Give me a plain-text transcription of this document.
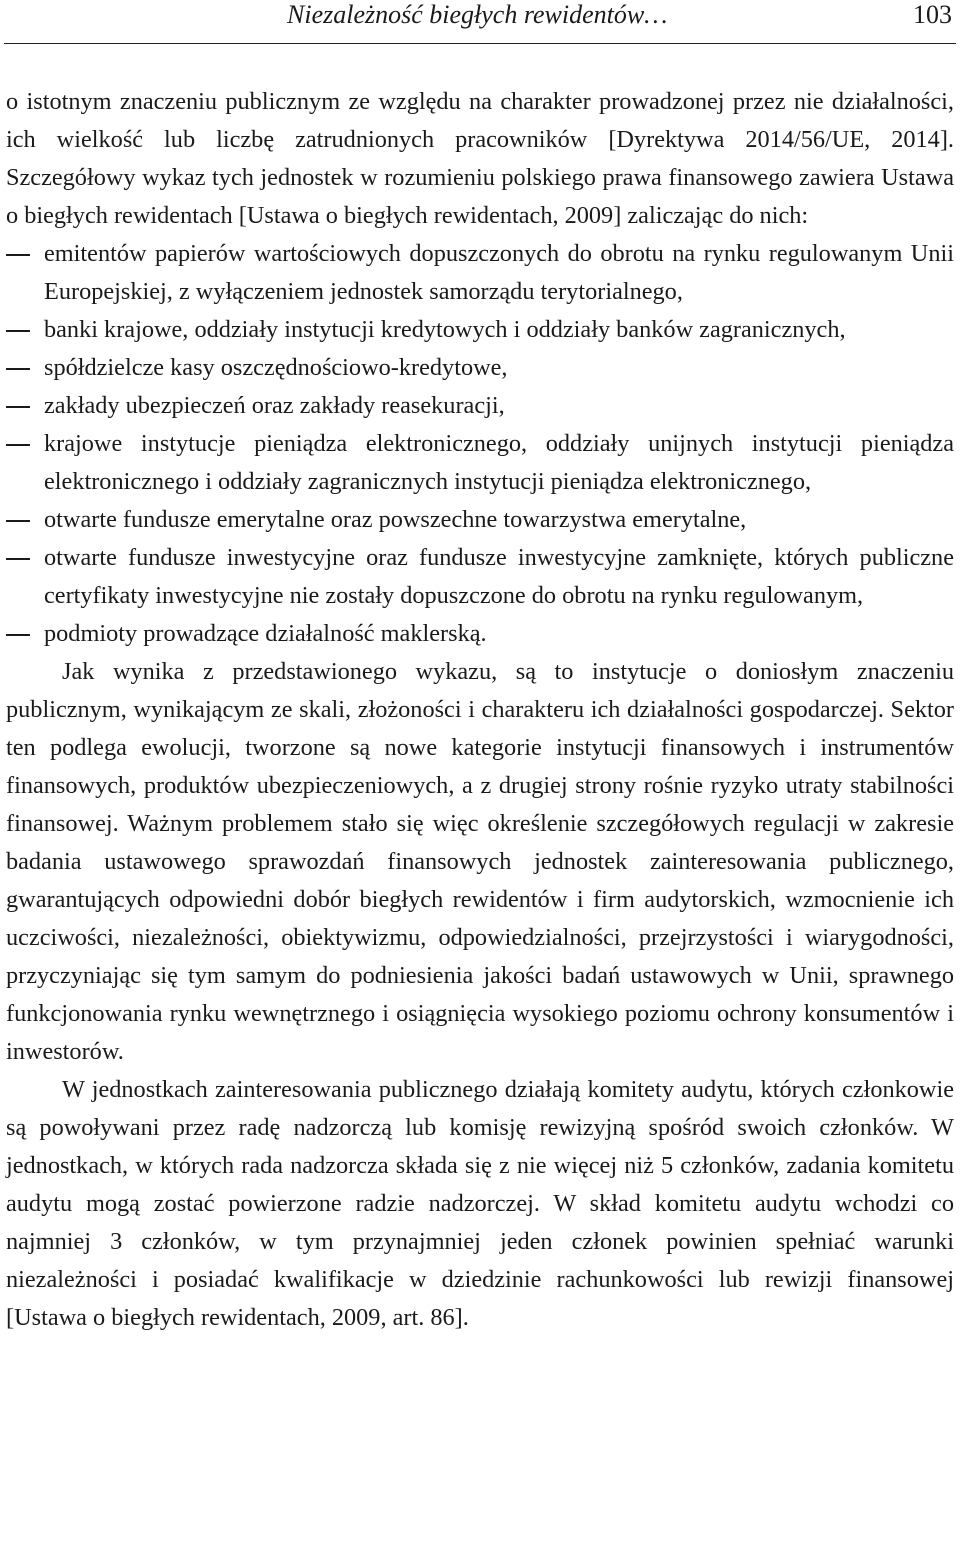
Niezależność biegłych rewidentów…	103

o istotnym znaczeniu publicznym ze względu na charakter prowadzonej przez nie działalności, ich wielkość lub liczbę zatrudnionych pracowników [Dyrektywa 2014/56/UE, 2014]. Szczegółowy wykaz tych jednostek w rozumieniu polskiego prawa finansowego zawiera Ustawa o biegłych rewidentach [Ustawa o biegłych rewidentach, 2009] zaliczając do nich:

emitentów papierów wartościowych dopuszczonych do obrotu na rynku regulowanym Unii Europejskiej, z wyłączeniem jednostek samorządu terytorialnego,
banki krajowe, oddziały instytucji kredytowych i oddziały banków zagranicznych,
spółdzielcze kasy oszczędnościowo-kredytowe,
zakłady ubezpieczeń oraz zakłady reasekuracji,
krajowe instytucje pieniądza elektronicznego, oddziały unijnych instytucji pieniądza elektronicznego i oddziały zagranicznych instytucji pieniądza elektronicznego,
otwarte fundusze emerytalne oraz powszechne towarzystwa emerytalne,
otwarte fundusze inwestycyjne oraz fundusze inwestycyjne zamknięte, których publiczne certyfikaty inwestycyjne nie zostały dopuszczone do obrotu na rynku regulowanym,
podmioty prowadzące działalność maklerską.

Jak wynika z przedstawionego wykazu, są to instytucje o doniosłym znaczeniu publicznym, wynikającym ze skali, złożoności i charakteru ich działalności gospodarczej. Sektor ten podlega ewolucji, tworzone są nowe kategorie instytucji finansowych i instrumentów finansowych, produktów ubezpieczeniowych, a z drugiej strony rośnie ryzyko utraty stabilności finansowej. Ważnym problemem stało się więc określenie szczegółowych regulacji w zakresie badania ustawowego sprawozdań finansowych jednostek zainteresowania publicznego, gwarantujących odpowiedni dobór biegłych rewidentów i firm audytorskich, wzmocnienie ich uczciwości, niezależności, obiektywizmu, odpowiedzialności, przejrzystości i wiarygodności, przyczyniając się tym samym do podniesienia jakości badań ustawowych w Unii, sprawnego funkcjonowania rynku wewnętrznego i osiągnięcia wysokiego poziomu ochrony konsumentów i inwestorów.

W jednostkach zainteresowania publicznego działają komitety audytu, których członkowie są powoływani przez radę nadzorczą lub komisję rewizyjną spośród swoich członków. W jednostkach, w których rada nadzorcza składa się z nie więcej niż 5 członków, zadania komitetu audytu mogą zostać powierzone radzie nadzorczej. W skład komitetu audytu wchodzi co najmniej 3 członków, w tym przynajmniej jeden członek powinien spełniać warunki niezależności i posiadać kwalifikacje w dziedzinie rachunkowości lub rewizji finansowej [Ustawa o biegłych rewidentach, 2009, art. 86].
